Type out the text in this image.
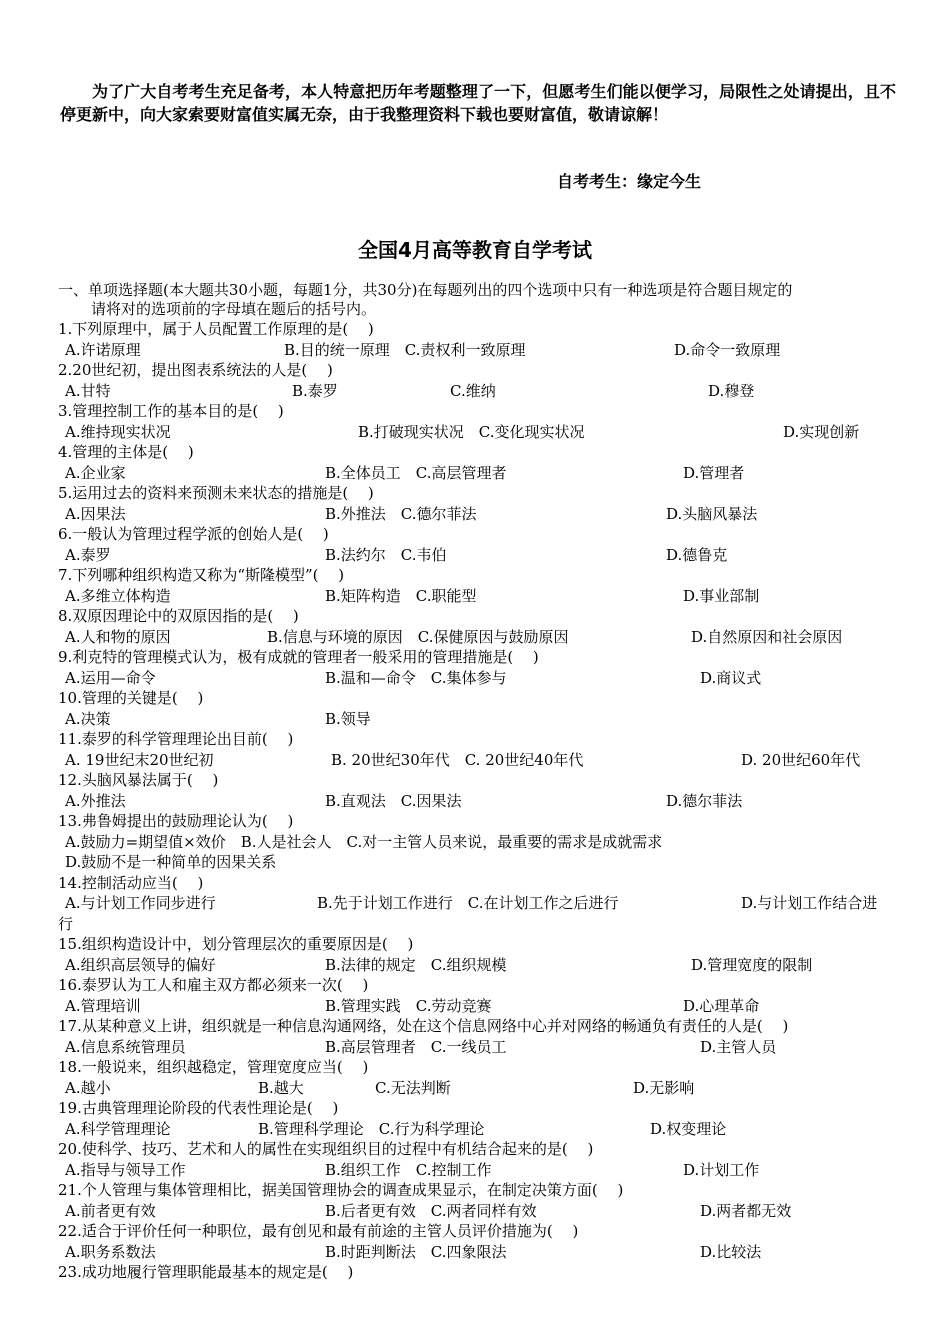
为了广大自考考生充足备考，本人特意把历年考题整理了一下，但愿考生们能以便学习，局限性之处请提出，且不停更新中，向大家索要财富值实属无奈，由于我整理资料下载也要财富值，敬请谅解！
自考考生：缘定今生
全国4月高等教育自学考试
一、单项选择题(本大题共30小题，每题1分，共30分)在每题列出的四个选项中只有一种选项是符合题目规定的
请将对的选项前的字母填在题后的括号内。
1.下列原理中，属于人员配置工作原理的是(　 )
A.许诺原理	B.目的统一原理　C.责权利一致原理	D.命令一致原理
2.20世纪初，提出图表系统法的人是(　 )
A.甘特	B.泰罗	C.维纳	D.穆登
3.管理控制工作的基本目的是(　 )
A.维持现实状况	B.打破现实状况　C.变化现实状况	D.实现创新
4.管理的主体是(　 )
A.企业家	B.全体员工　C.高层管理者	D.管理者
5.运用过去的资料来预测未来状态的措施是(　 )
A.因果法	B.外推法　C.德尔菲法	D.头脑风暴法
6.一般认为管理过程学派的创始人是(　 )
A.泰罗	B.法约尔　C.韦伯	D.德鲁克
7.下列哪种组织构造又称为“斯隆模型”(　 )
A.多维立体构造	B.矩阵构造　C.职能型	D.事业部制
8.双原因理论中的双原因指的是(　 )
A.人和物的原因	B.信息与环境的原因　C.保健原因与鼓励原因	D.自然原因和社会原因
9.利克特的管理模式认为，极有成就的管理者一般采用的管理措施是(　 )
A.运用—命令	B.温和—命令　C.集体参与	D.商议式
10.管理的关键是(　 )
A.决策	B.领导
11.泰罗的科学管理理论出目前(　 )
A. 19世纪末20世纪初	B. 20世纪30年代　C. 20世纪40年代	D. 20世纪60年代
12.头脑风暴法属于(　 )
A.外推法	B.直观法　C.因果法	D.德尔菲法
13.弗鲁姆提出的鼓励理论认为(　 )
A.鼓励力=期望值×效价　B.人是社会人　C.对一主管人员来说，最重要的需求是成就需求
D.鼓励不是一种简单的因果关系
14.控制活动应当(　 )
A.与计划工作同步进行	B.先于计划工作进行　C.在计划工作之后进行	D.与计划工作结合进
行
15.组织构造设计中，划分管理层次的重要原因是(　 )
A.组织高层领导的偏好	B.法律的规定　C.组织规模	D.管理宽度的限制
16.泰罗认为工人和雇主双方都必须来一次(　 )
A.管理培训	B.管理实践　C.劳动竞赛	D.心理革命
17.从某种意义上讲，组织就是一种信息沟通网络，处在这个信息网络中心并对网络的畅通负有责任的人是(　 )
A.信息系统管理员	B.高层管理者　C.一线员工	D.主管人员
18.一般说来，组织越稳定，管理宽度应当(　 )
A.越小	B.越大	C.无法判断	D.无影响
19.古典管理理论阶段的代表性理论是(　 )
A.科学管理理论	B.管理科学理论　C.行为科学理论	D.权变理论
20.使科学、技巧、艺术和人的属性在实现组织目的过程中有机结合起来的是(　 )
A.指导与领导工作	B.组织工作　C.控制工作	D.计划工作
21.个人管理与集体管理相比，据美国管理协会的调查成果显示，在制定决策方面(　 )
A.前者更有效	B.后者更有效　C.两者同样有效	D.两者都无效
22.适合于评价任何一种职位，最有创见和最有前途的主管人员评价措施为(　 )
A.职务系数法	B.时距判断法　C.四象限法	D.比较法
23.成功地履行管理职能最基本的规定是(　 )
